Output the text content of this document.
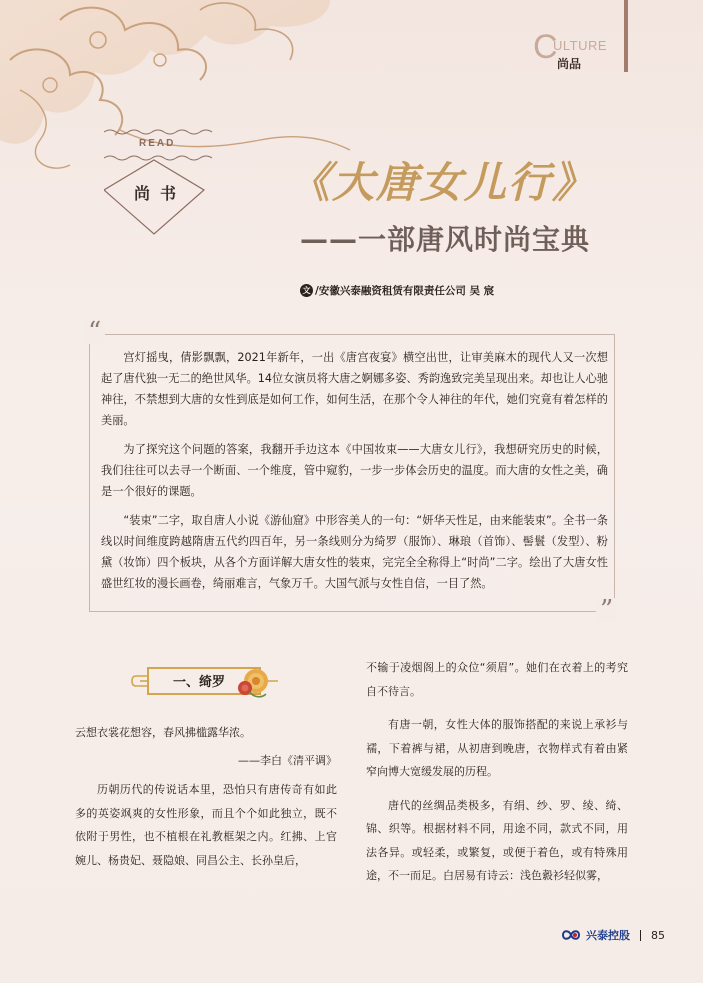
C
ULTURE
尚品
READ
尚书 《大唐女儿行》
——一部唐风时尚宝典
文 /安徽兴泰融资租赁有限责任公司 吴 宸
“
”

宫灯摇曳，倩影飘飘，2021年新年，一出《唐宫夜宴》横空出世，让审美麻木的现代人又一次想起了唐代独一无二的绝世风华。14位女演员将大唐之婀娜多姿、秀韵逸致完美呈现出来。却也让人心驰神往，不禁想到大唐的女性到底是如何工作，如何生活，在那个令人神往的年代，她们究竟有着怎样的美丽。

为了探究这个问题的答案，我翻开手边这本《中国妆束——大唐女儿行》，我想研究历史的时候，我们往往可以去寻一个断面、一个维度，管中窥豹，一步一步体会历史的温度。而大唐的女性之美，确是一个很好的课题。

“装束”二字，取自唐人小说《游仙窟》中形容美人的一句：“妍华天性足，由来能装束”。全书一条线以时间维度跨越隋唐五代约四百年，另一条线则分为绮罗（服饰）、琳琅（首饰）、髻鬟（发型）、粉黛（妆饰）四个板块，从各个方面详解大唐女性的装束，完完全全称得上“时尚”二字。绘出了大唐女性盛世红妆的漫长画卷，绮丽难言，气象万千。大国气派与女性自信，一目了然。

一、绮罗
云想衣裳花想容，春风拂槛露华浓。
——李白《清平调》
历朝历代的传说话本里，恐怕只有唐传奇有如此多的英姿飒爽的女性形象，而且个个如此独立，既不依附于男性，也不植根在礼教框架之内。红拂、上官婉儿、杨贵妃、聂隐娘、同昌公主、长孙皇后，

不输于凌烟阁上的众位“须眉”。她们在衣着上的考究自不待言。

有唐一朝，女性大体的服饰搭配的来说上承衫与襦，下着裤与裙，从初唐到晚唐，衣物样式有着由紧窄向博大宽缓发展的历程。

唐代的丝绸品类极多，有绢、纱、罗、绫、绮、锦、织等。根据材料不同，用途不同，款式不同，用法各异。或轻柔，或繁复，或便于着色，或有特殊用途，不一而足。白居易有诗云：浅色縠衫轻似雾，

兴泰控股 85
